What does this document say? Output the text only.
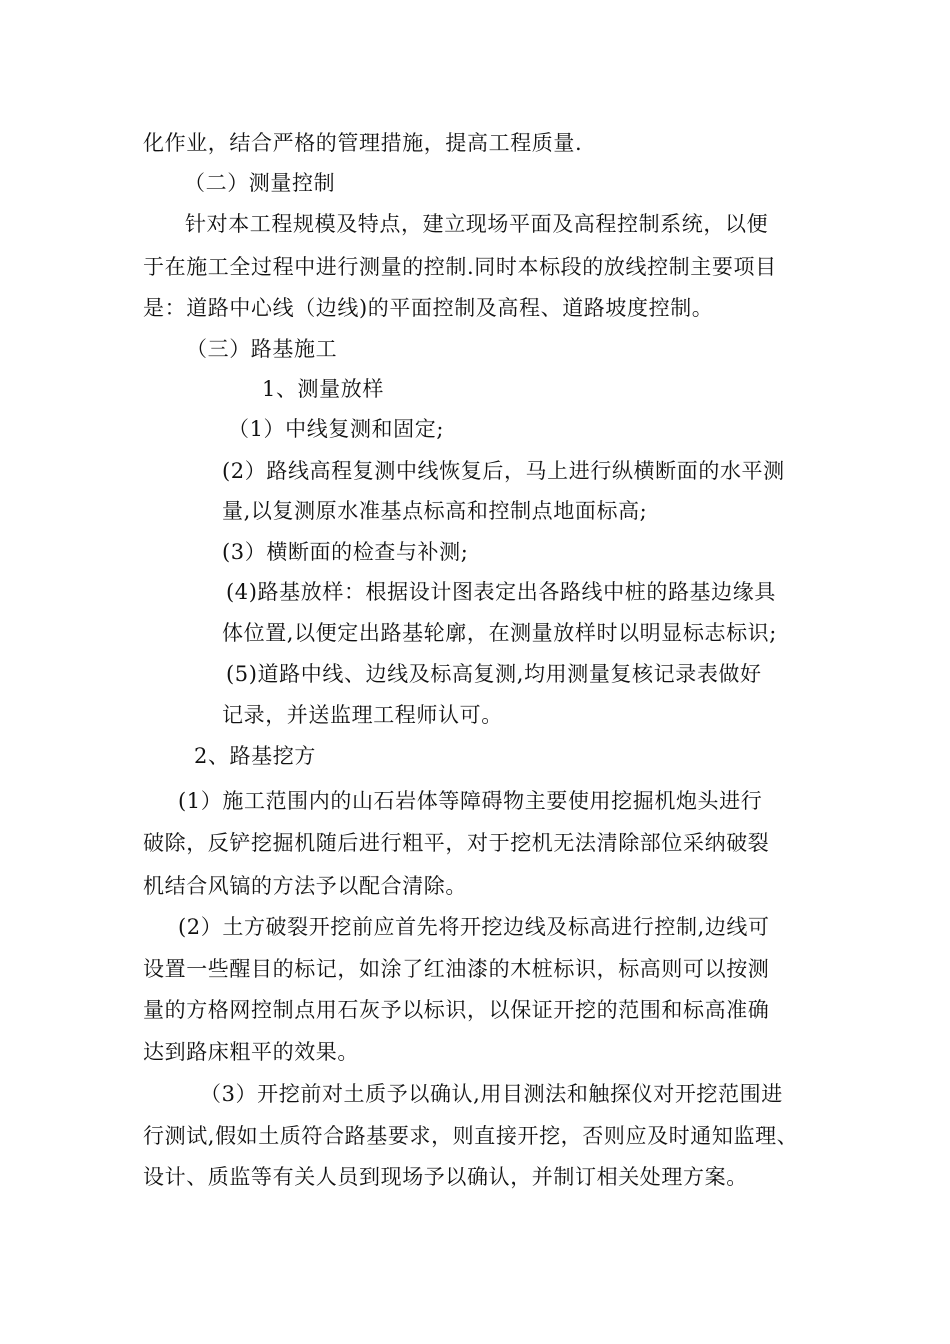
化作业，结合严格的管理措施，提高工程质量.
（二）测量控制
针对本工程规模及特点，建立现场平面及高程控制系统，以便
于在施工全过程中进行测量的控制.同时本标段的放线控制主要项目
是：道路中心线（边线)的平面控制及高程、道路坡度控制。
（三）路基施工
1、测量放样
（1）中线复测和固定;
(2）路线高程复测中线恢复后，马上进行纵横断面的水平测
量,以复测原水准基点标高和控制点地面标高;
(3）横断面的检查与补测;
(4)路基放样：根据设计图表定出各路线中桩的路基边缘具
体位置,以便定出路基轮廓，在测量放样时以明显标志标识;
(5)道路中线、边线及标高复测,均用测量复核记录表做好
记录，并送监理工程师认可。
2、路基挖方
(1）施工范围内的山石岩体等障碍物主要使用挖掘机炮头进行
破除，反铲挖掘机随后进行粗平，对于挖机无法清除部位采纳破裂
机结合风镐的方法予以配合清除。
(2）土方破裂开挖前应首先将开挖边线及标高进行控制,边线可
设置一些醒目的标记，如涂了红油漆的木桩标识，标高则可以按测
量的方格网控制点用石灰予以标识，以保证开挖的范围和标高准确
达到路床粗平的效果。
（3）开挖前对土质予以确认,用目测法和触探仪对开挖范围进
行测试,假如土质符合路基要求，则直接开挖，否则应及时通知监理、
设计、质监等有关人员到现场予以确认，并制订相关处理方案。
